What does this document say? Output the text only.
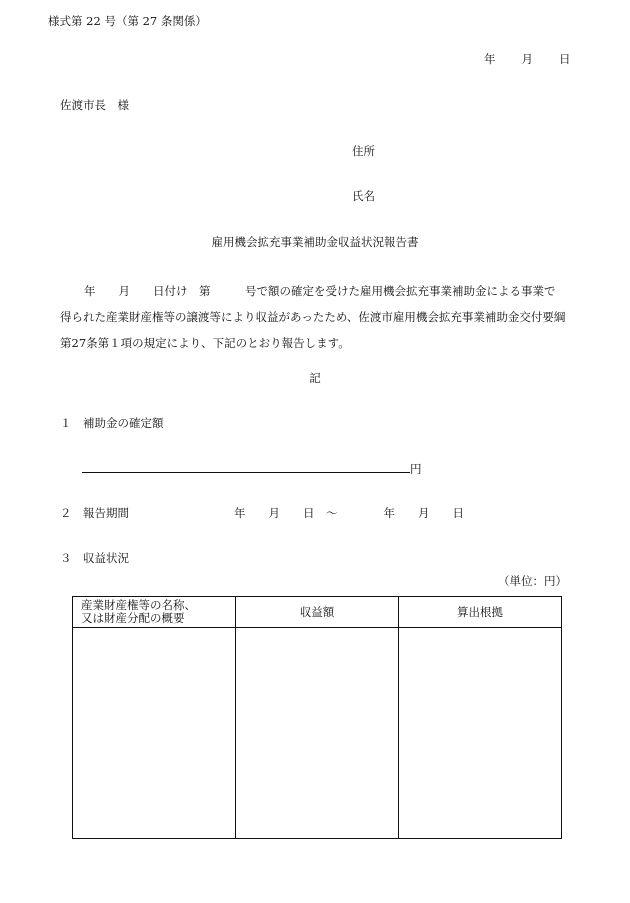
様式第 22 号（第 27 条関係）
年 月 日
佐渡市長　様
住所
氏名
雇用機会拡充事業補助金収益状況報告書
年　　月　　日付け　第　　　号で額の確定を受けた雇用機会拡充事業補助金による事業で
得られた産業財産権等の譲渡等により収益があったため、佐渡市雇用機会拡充事業補助金交付要綱
第27条第１項の規定により、下記のとおり報告します。
記
１　補助金の確定額
円
２　報告期間	年　　月　　日　～　　　　年　　月　　日
３　収益状況
（単位：円）
産業財産権等の名称、
又は財産分配の概要	収益額	算出根拠
